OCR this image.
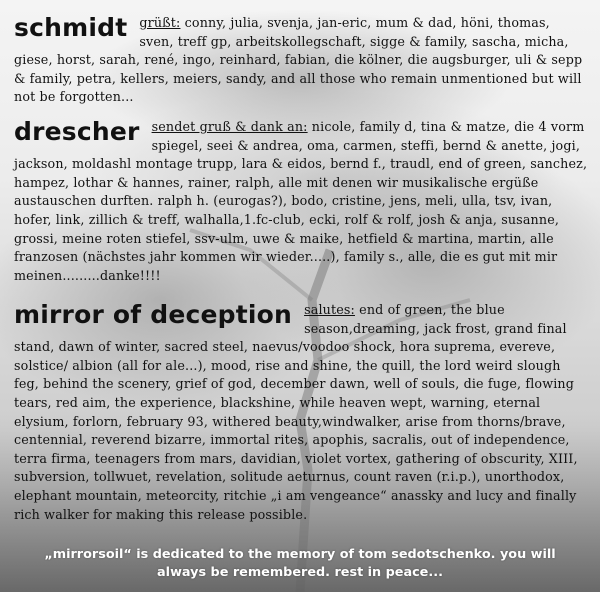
schmidt grüßt: conny, julia, svenja, jan-eric, mum & dad, höni, thomas, sven, treff gp, arbeitskollegschaft, sigge & family, sascha, micha, giese, horst, sarah, rené, ingo, reinhard, fabian, die kölner, die augsburger, uli & sepp & family, petra, kellers, meiers, sandy, and all those who remain unmentioned but will not be forgotten...
drescher sendet gruß & dank an: nicole, family d, tina & matze, die 4 vorm spiegel, seei & andrea, oma, carmen, steffi, bernd & anette, jogi, jackson, moldashl montage trupp, lara & eidos, bernd f., traudl, end of green, sanchez, hampez, lothar & hannes, rainer, ralph, alle mit denen wir musikalische ergüße austauschen durften. ralph h. (eurogas?), bodo, cristine, jens, meli, ulla, tsv, ivan, hofer, link, zillich & treff, walhalla,1.fc-club, ecki, rolf & rolf, josh & anja, susanne, grossi, meine roten stiefel, ssv-ulm, uwe & maike, hetfield & martina, martin, alle franzosen (nächstes jahr kommen wir wieder.....), family s., alle, die es gut mit mir meinen.........danke!!!!
mirror of deception salutes: end of green, the blue season,dreaming, jack frost, grand final stand, dawn of winter, sacred steel, naevus/voodoo shock, hora suprema, evereve, solstice/ albion (all for ale...), mood, rise and shine, the quill, the lord weird slough feg, behind the scenery, grief of god, december dawn, well of souls, die fuge, flowing tears, red aim, the experience, blackshine, while heaven wept, warning, eternal elysium, forlorn, february 93, withered beauty,windwalker, arise from thorns/brave, centennial, reverend bizarre, immortal rites, apophis, sacralis, out of independence, terra firma, teenagers from mars, davidian, violet vortex, gathering of obscurity, XIII, subversion, tollwuet, revelation, solitude aeturnus, count raven (r.i.p.), unorthodox, elephant mountain, meteorcity, ritchie „i am vengeance“ anassky and lucy and finally rich walker for making this release possible.
„mirrorsoil“ is dedicated to the memory of tom sedotschenko. you will always be remembered. rest in peace...
